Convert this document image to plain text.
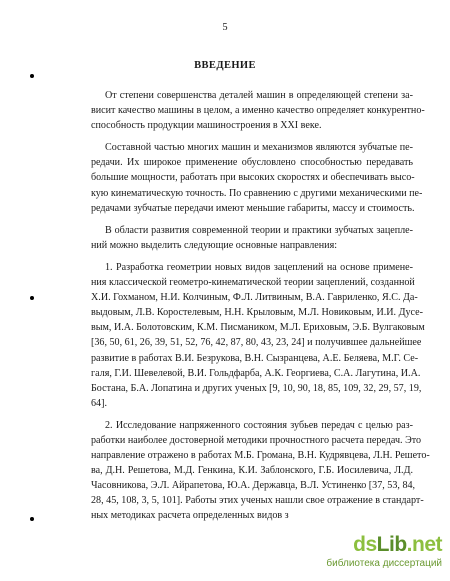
5
ВВЕДЕНИЕ
От степени совершенства деталей машин в определяющей степени за-
висит качество машины в целом, а именно качество определяет конкурентно-
способность продукции машиностроения в XXI веке.
Составной частью многих машин и механизмов являются зубчатые пе-
редачи. Их широкое применение обусловлено способностью передавать
большие мощности, работать при высоких скоростях и обеспечивать высо-
кую кинематическую точность. По сравнению с другими механическими пе-
редачами зубчатые передачи имеют меньшие габариты, массу и стоимость.
В области развития современной теории и практики зубчатых зацепле-
ний можно выделить следующие основные направления:
1. Разработка геометрии новых видов зацеплений на основе примене-
ния классической геометро-кинематической теории зацеплений, созданной
Х.И. Гохманом, Н.И. Колчиным, Ф.Л. Литвиным, В.А. Гавриленко, Я.С. Да-
выдовым, Л.В. Коростелевым, Н.Н. Крыловым, М.Л. Новиковым, И.И. Дусе-
вым, И.А. Болотовским, К.М. Писмаником, М.Л. Ериховым, Э.Б. Вулгаковым
[36, 50, 61, 26, 39, 51, 52, 76, 42, 87, 80, 43, 23, 24] и получившее дальнейшее
развитие в работах В.И. Безрукова, В.Н. Сызранцева, А.Е. Беляева, М.Г. Се-
галя, Г.И. Шевелевой, В.И. Гольдфарба, А.К. Георгиева, С.А. Лагутина, И.А.
Бостана, Б.А. Лопатина и других ученых [9, 10, 90, 18, 85, 109, 32, 29, 57, 19,
64].
2. Исследование напряженного состояния зубьев передач с целью раз-
работки наиболее достоверной методики прочностного расчета передач. Это
направление отражено в работах М.Б. Громана, В.Н. Кудрявцева, Л.Н. Решето-
ва, Д.Н. Решетова, М.Д. Генкина, К.И. Заблонского, Г.Б. Иосилевича, Л.Д.
Часовникова, Э.Л. Айрапетова, Ю.А. Державца, В.Л. Устиненко [37, 53, 84,
28, 45, 108, 3, 5, 101]. Работы этих ученых нашли свое отражение в стандарт-
ных методиках расчета определенных видов з
dsLib.net
библиотека диссертаций
